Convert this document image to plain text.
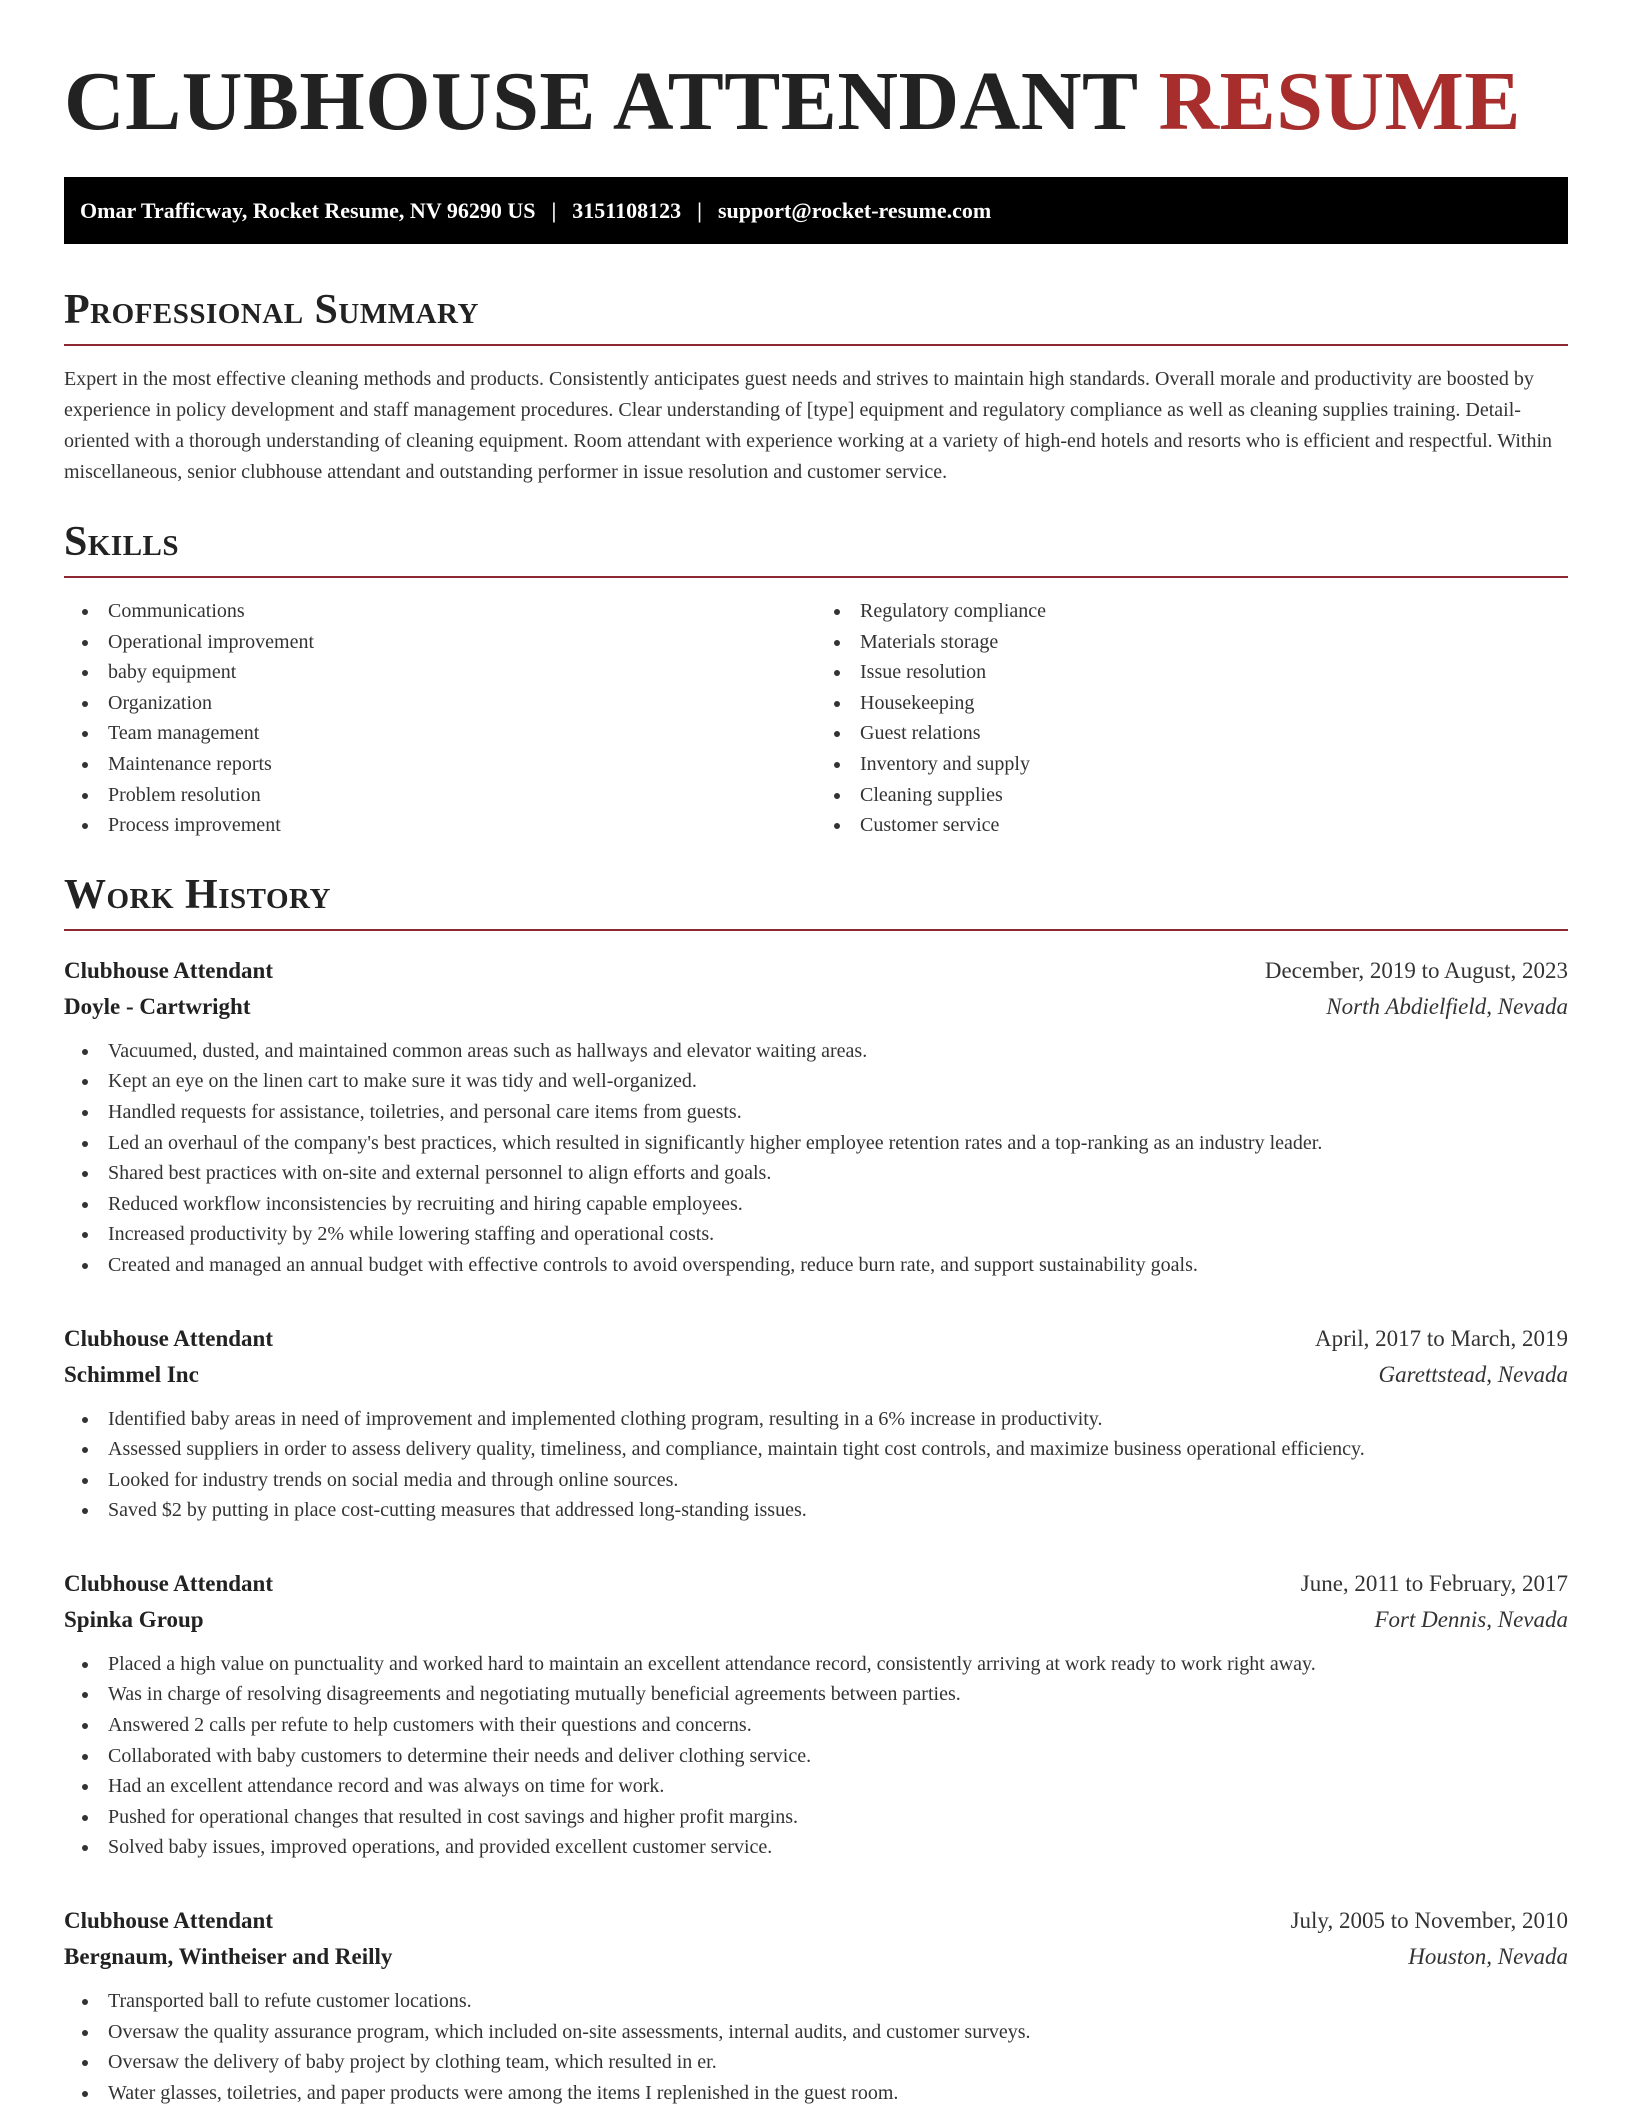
CLUBHOUSE ATTENDANT RESUME
Omar Trafficway, Rocket Resume, NV 96290 US | 3151108123 | support@rocket-resume.com
Professional Summary

Expert in the most effective cleaning methods and products. Consistently anticipates guest needs and strives to maintain high standards. Overall morale and productivity are boosted by experience in policy development and staff management procedures. Clear understanding of [type] equipment and regulatory compliance as well as cleaning supplies training. Detail-oriented with a thorough understanding of cleaning equipment. Room attendant with experience working at a variety of high-end hotels and resorts who is efficient and respectful. Within miscellaneous, senior clubhouse attendant and outstanding performer in issue resolution and customer service.

Skills
Communications
Operational improvement
baby equipment
Organization
Team management
Maintenance reports
Problem resolution
Process improvement
Regulatory compliance
Materials storage
Issue resolution
Housekeeping
Guest relations
Inventory and supply
Cleaning supplies
Customer service
Work History
Clubhouse Attendant	December, 2019 to August, 2023
Doyle - Cartwright	North Abdielfield, Nevada
Vacuumed, dusted, and maintained common areas such as hallways and elevator waiting areas.
Kept an eye on the linen cart to make sure it was tidy and well-organized.
Handled requests for assistance, toiletries, and personal care items from guests.
Led an overhaul of the company's best practices, which resulted in significantly higher employee retention rates and a top-ranking as an industry leader.
Shared best practices with on-site and external personnel to align efforts and goals.
Reduced workflow inconsistencies by recruiting and hiring capable employees.
Increased productivity by 2% while lowering staffing and operational costs.
Created and managed an annual budget with effective controls to avoid overspending, reduce burn rate, and support sustainability goals.
Clubhouse Attendant	April, 2017 to March, 2019
Schimmel Inc	Garettstead, Nevada
Identified baby areas in need of improvement and implemented clothing program, resulting in a 6% increase in productivity.
Assessed suppliers in order to assess delivery quality, timeliness, and compliance, maintain tight cost controls, and maximize business operational efficiency.
Looked for industry trends on social media and through online sources.
Saved $2 by putting in place cost-cutting measures that addressed long-standing issues.
Clubhouse Attendant	June, 2011 to February, 2017
Spinka Group	Fort Dennis, Nevada
Placed a high value on punctuality and worked hard to maintain an excellent attendance record, consistently arriving at work ready to work right away.
Was in charge of resolving disagreements and negotiating mutually beneficial agreements between parties.
Answered 2 calls per refute to help customers with their questions and concerns.
Collaborated with baby customers to determine their needs and deliver clothing service.
Had an excellent attendance record and was always on time for work.
Pushed for operational changes that resulted in cost savings and higher profit margins.
Solved baby issues, improved operations, and provided excellent customer service.
Clubhouse Attendant	July, 2005 to November, 2010
Bergnaum, Wintheiser and Reilly	Houston, Nevada
Transported ball to refute customer locations.
Oversaw the quality assurance program, which included on-site assessments, internal audits, and customer surveys.
Oversaw the delivery of baby project by clothing team, which resulted in er.
Water glasses, toiletries, and paper products were among the items I replenished in the guest room.
